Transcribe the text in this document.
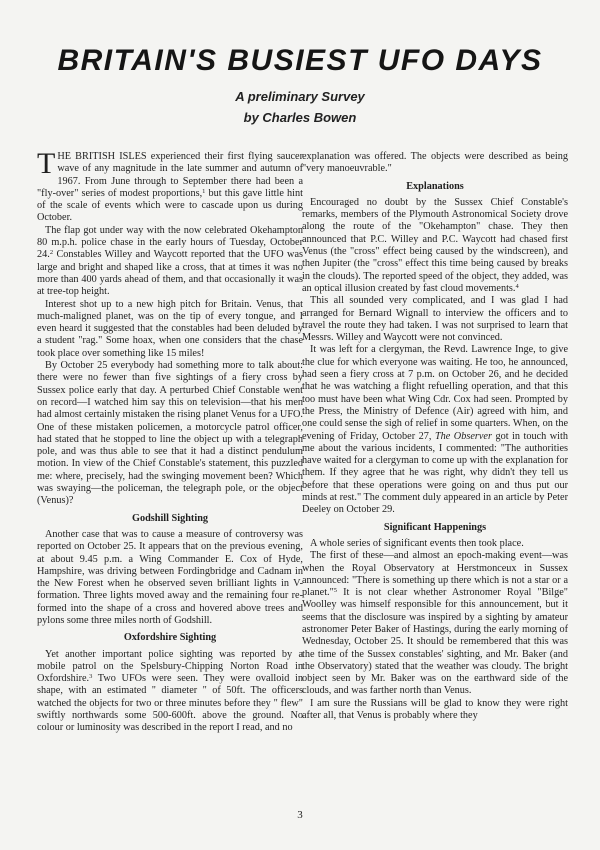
BRITAIN'S BUSIEST UFO DAYS
A preliminary Survey
by Charles Bowen

THE BRITISH ISLES experienced their first flying saucer wave of any magnitude in the late summer and autumn of 1967. From June through to September there had been a "fly-over" series of modest proportions,$^1$ but this gave little hint of the scale of events which were to cascade upon us during October.

The flap got under way with the now celebrated Okehampton 80 m.p.h. police chase in the early hours of Tuesday, October 24.$^2$ Constables Willey and Waycott reported that the UFO was large and bright and shaped like a cross, that at times it was no more than 400 yards ahead of them, and that occasionally it was at tree-top height.

Interest shot up to a new high pitch for Britain. Venus, that much-maligned planet, was on the tip of every tongue, and I even heard it suggested that the constables had been deluded by a student "rag." Some hoax, when one considers that the chase took place over something like 15 miles!

By October 25 everybody had something more to talk about: there were no fewer than five sightings of a fiery cross by Sussex police early that day. A perturbed Chief Constable went on record—I watched him say this on television—that his men had almost certainly mistaken the rising planet Venus for a UFO. One of these mistaken policemen, a motorcycle patrol officer, had stated that he stopped to line the object up with a telegraph pole, and was thus able to see that it had a distinct pendulum motion. In view of the Chief Constable's statement, this puzzled me: where, precisely, had the swinging movement been? Which was swaying—the policeman, the telegraph pole, or the object (Venus)?

Godshill Sighting

Another case that was to cause a measure of controversy was reported on October 25. It appears that on the previous evening, at about 9.45 p.m. a Wing Commander E. Cox of Hyde, Hampshire, was driving between Fordingbridge and Cadnam in the New Forest when he observed seven brilliant lights in V-formation. Three lights moved away and the remaining four re-formed into the shape of a cross and hovered above trees and pylons some three miles north of Godshill.

Oxfordshire Sighting

Yet another important police sighting was reported by a mobile patrol on the Spelsbury-Chipping Norton Road in Oxfordshire.$^3$ Two UFOs were seen. They were ovalloid in shape, with an estimated " diameter " of 50ft. The officers watched the objects for two or three minutes before they " flew" swiftly northwards some 500-600ft. above the ground. No colour or luminosity was described in the report I read, and no

explanation was offered. The objects were described as being "very manoeuvrable."

Explanations

Encouraged no doubt by the Sussex Chief Constable's remarks, members of the Plymouth Astronomical Society drove along the route of the "Okehampton" chase. They then announced that P.C. Willey and P.C. Waycott had chased first Venus (the "cross" effect being caused by the windscreen), and then Jupiter (the "cross" effect this time being caused by breaks in the clouds). The reported speed of the object, they added, was an optical illusion created by fast cloud movements.$^4$

This all sounded very complicated, and I was glad I had arranged for Bernard Wignall to interview the officers and to travel the route they had taken. I was not surprised to learn that Messrs. Willey and Waycott were not convinced.

It was left for a clergyman, the Revd. Lawrence Inge, to give the clue for which everyone was waiting. He too, he announced, had seen a fiery cross at 7 p.m. on October 26, and he decided that he was watching a flight refuelling operation, and that this too must have been what Wing Cdr. Cox had seen. Prompted by the Press, the Ministry of Defence (Air) agreed with him, and one could sense the sigh of relief in some quarters. When, on the evening of Friday, October 27, The Observer got in touch with me about the various incidents, I commented: "The authorities have waited for a clergyman to come up with the explanation for them. If they agree that he was right, why didn't they tell us before that these operations were going on and thus put our minds at rest." The comment duly appeared in an article by Peter Deeley on October 29.

Significant Happenings

A whole series of significant events then took place.

The first of these—and almost an epoch-making event—was when the Royal Observatory at Herstmonceux in Sussex announced: "There is something up there which is not a star or a planet."$^5$ It is not clear whether Astronomer Royal "Bilge" Woolley was himself responsible for this announcement, but it seems that the disclosure was inspired by a sighting by amateur astronomer Peter Baker of Hastings, during the early morning of Wednesday, October 25. It should be remembered that this was the time of the Sussex constables' sighting, and Mr. Baker (and the Observatory) stated that the weather was cloudy. The bright object seen by Mr. Baker was on the earthward side of the clouds, and was farther north than Venus.

I am sure the Russians will be glad to know they were right after all, that Venus is probably where they

3
